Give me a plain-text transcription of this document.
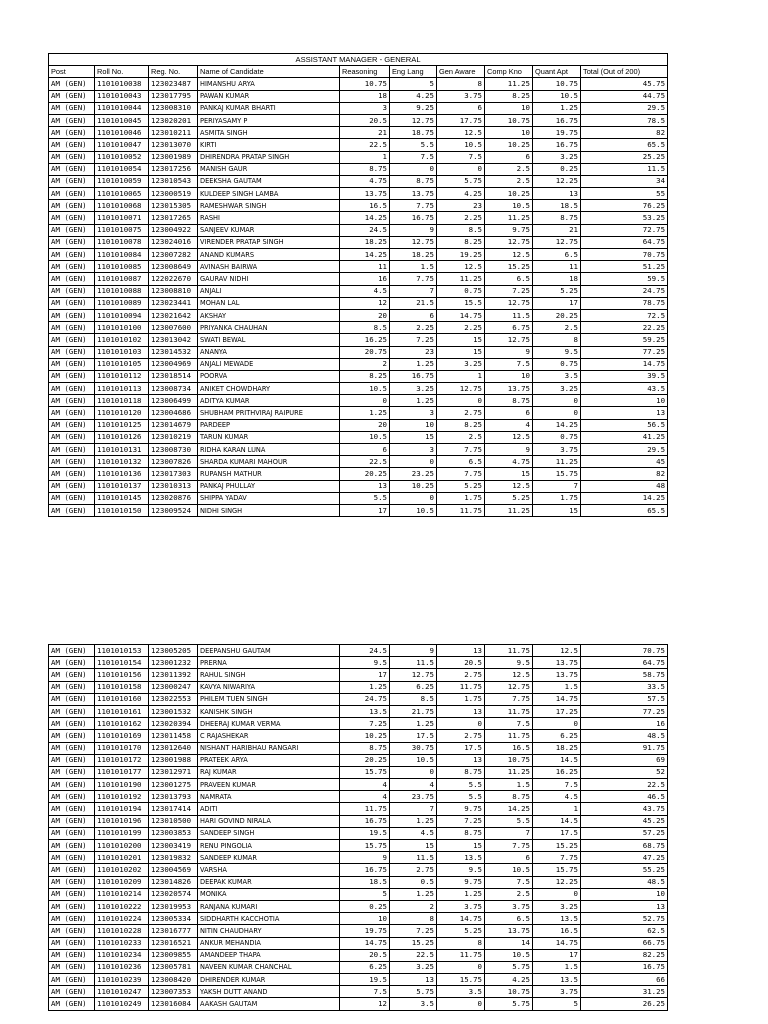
ASSISTANT MANAGER - GENERAL									
Post	Roll No.	Reg. No.	Name of Candidate	Reasoning	Eng Lang	Gen Aware	Comp Kno	Quant Apt	Total (Out of 200)
AM (GEN)	1101010038	123023487	HIMANSHU ARYA	10.75	5	8	11.25	10.75	45.75
AM (GEN)	1101010043	123017795	PAWAN KUMAR	18	4.25	3.75	8.25	10.5	44.75
AM (GEN)	1101010044	123008310	PANKAJ KUMAR BHARTI	3	9.25	6	10	1.25	29.5
AM (GEN)	1101010045	123020201	PERIYASAMY P	20.5	12.75	17.75	10.75	16.75	78.5
AM (GEN)	1101010046	123010211	ASMITA SINGH	21	18.75	12.5	10	19.75	82
AM (GEN)	1101010047	123013070	KIRTI	22.5	5.5	10.5	10.25	16.75	65.5
AM (GEN)	1101010052	123001989	DHIRENDRA PRATAP SINGH	1	7.5	7.5	6	3.25	25.25
AM (GEN)	1101010054	123017256	MANISH GAUR	8.75	0	0	2.5	0.25	11.5
AM (GEN)	1101010059	123010543	DEEKSHA GAUTAM	4.75	8.75	5.75	2.5	12.25	34
AM (GEN)	1101010065	123000519	KULDEEP SINGH LAMBA	13.75	13.75	4.25	10.25	13	55
AM (GEN)	1101010068	123015305	RAMESHWAR SINGH	16.5	7.75	23	10.5	18.5	76.25
AM (GEN)	1101010071	123017265	RASHI	14.25	16.75	2.25	11.25	8.75	53.25
AM (GEN)	1101010075	123004922	SANJEEV KUMAR	24.5	9	8.5	9.75	21	72.75
AM (GEN)	1101010078	123024016	VIRENDER PRATAP SINGH	18.25	12.75	8.25	12.75	12.75	64.75
AM (GEN)	1101010084	123007282	ANAND KUMARS	14.25	18.25	19.25	12.5	6.5	70.75
AM (GEN)	1101010085	123008649	AVINASH BAIRWA	11	1.5	12.5	15.25	11	51.25
AM (GEN)	1101010087	122022670	GAURAV NIDHI	16	7.75	11.25	6.5	18	59.5
AM (GEN)	1101010088	123008810	ANJALI	4.5	7	0.75	7.25	5.25	24.75
AM (GEN)	1101010089	123023441	MOHAN LAL	12	21.5	15.5	12.75	17	78.75
AM (GEN)	1101010094	123021642	AKSHAY	20	6	14.75	11.5	20.25	72.5
AM (GEN)	1101010100	123007600	PRIYANKA CHAUHAN	8.5	2.25	2.25	6.75	2.5	22.25
AM (GEN)	1101010102	123013042	SWATI BEWAL	16.25	7.25	15	12.75	8	59.25
AM (GEN)	1101010103	123014532	ANANYA	20.75	23	15	9	9.5	77.25
AM (GEN)	1101010105	123004969	ANJALI MEWADE	2	1.25	3.25	7.5	0.75	14.75
AM (GEN)	1101010112	123018514	POORVA	8.25	16.75	1	10	3.5	39.5
AM (GEN)	1101010113	123008734	ANIKET CHOWDHARY	10.5	3.25	12.75	13.75	3.25	43.5
AM (GEN)	1101010118	123006499	ADITYA KUMAR	0	1.25	0	8.75	0	10
AM (GEN)	1101010120	123004686	SHUBHAM PRITHVIRAJ RAIPURE	1.25	3	2.75	6	0	13
AM (GEN)	1101010125	123014679	PARDEEP	20	10	8.25	4	14.25	56.5
AM (GEN)	1101010126	123010219	TARUN KUMAR	10.5	15	2.5	12.5	0.75	41.25
AM (GEN)	1101010131	123008730	RIDHA KARAN LUNA	6	3	7.75	9	3.75	29.5
AM (GEN)	1101010132	123007826	SHARDA KUMARI MAHOUR	22.5	0	6.5	4.75	11.25	45
AM (GEN)	1101010136	123017303	RUPANSH MATHUR	20.25	23.25	7.75	15	15.75	82
AM (GEN)	1101010137	123010313	PANKAJ PHULLAY	13	10.25	5.25	12.5	7	48
AM (GEN)	1101010145	123020876	SHIPPA YADAV	5.5	0	1.75	5.25	1.75	14.25
AM (GEN)	1101010150	123009524	NIDHI SINGH	17	10.5	11.75	11.25	15	65.5
AM (GEN)	1101010153	123005205	DEEPANSHU GAUTAM	24.5	9	13	11.75	12.5	70.75
AM (GEN)	1101010154	123001232	PRERNA	9.5	11.5	20.5	9.5	13.75	64.75
AM (GEN)	1101010156	123011392	RAHUL SINGH	17	12.75	2.75	12.5	13.75	58.75
AM (GEN)	1101010158	123000247	KAVYA NIWARIYA	1.25	6.25	11.75	12.75	1.5	33.5
AM (GEN)	1101010160	123022553	PHILEM TUEN SINGH	24.75	8.5	1.75	7.75	14.75	57.5
AM (GEN)	1101010161	123001532	KANISHK SINGH	13.5	21.75	13	11.75	17.25	77.25
AM (GEN)	1101010162	123020394	DHEERAJ KUMAR VERMA	7.25	1.25	0	7.5	0	16
AM (GEN)	1101010169	123011458	C RAJASHEKAR	10.25	17.5	2.75	11.75	6.25	48.5
AM (GEN)	1101010170	123012640	NISHANT HARIBHAU RANGARI	8.75	30.75	17.5	16.5	18.25	91.75
AM (GEN)	1101010172	123001988	PRATEEK ARYA	20.25	10.5	13	10.75	14.5	69
AM (GEN)	1101010177	123012971	RAJ KUMAR	15.75	0	8.75	11.25	16.25	52
AM (GEN)	1101010190	123001275	PRAVEEN KUMAR	4	4	5.5	1.5	7.5	22.5
AM (GEN)	1101010192	123013793	NAMRATA	4	23.75	5.5	8.75	4.5	46.5
AM (GEN)	1101010194	123017414	ADITI	11.75	7	9.75	14.25	1	43.75
AM (GEN)	1101010196	123010500	HARI GOVIND NIRALA	16.75	1.25	7.25	5.5	14.5	45.25
AM (GEN)	1101010199	123003853	SANDEEP SINGH	19.5	4.5	8.75	7	17.5	57.25
AM (GEN)	1101010200	123003419	RENU PINGOLIA	15.75	15	15	7.75	15.25	68.75
AM (GEN)	1101010201	123019832	SANDEEP KUMAR	9	11.5	13.5	6	7.75	47.25
AM (GEN)	1101010202	123004569	VARSHA	16.75	2.75	9.5	10.5	15.75	55.25
AM (GEN)	1101010209	123014826	DEEPAK KUMAR	18.5	0.5	9.75	7.5	12.25	48.5
AM (GEN)	1101010214	123020574	MONIKA	5	1.25	1.25	2.5	0	10
AM (GEN)	1101010222	123019953	RANJANA KUMARI	0.25	2	3.75	3.75	3.25	13
AM (GEN)	1101010224	123005334	SIDDHARTH KACCHOTIA	10	8	14.75	6.5	13.5	52.75
AM (GEN)	1101010228	123016777	NITIN CHAUDHARY	19.75	7.25	5.25	13.75	16.5	62.5
AM (GEN)	1101010233	123016521	ANKUR MEHANDIA	14.75	15.25	8	14	14.75	66.75
AM (GEN)	1101010234	123009855	AMANDEEP THAPA	20.5	22.5	11.75	10.5	17	82.25
AM (GEN)	1101010236	123005781	NAVEEN KUMAR CHANCHAL	6.25	3.25	0	5.75	1.5	16.75
AM (GEN)	1101010239	123008420	DHIRENDER KUMAR	19.5	13	15.75	4.25	13.5	66
AM (GEN)	1101010247	123007353	YAKSH DUTT ANAND	7.5	5.75	3.5	10.75	3.75	31.25
AM (GEN)	1101010249	123016084	AAKASH GAUTAM	12	3.5	0	5.75	5	26.25
